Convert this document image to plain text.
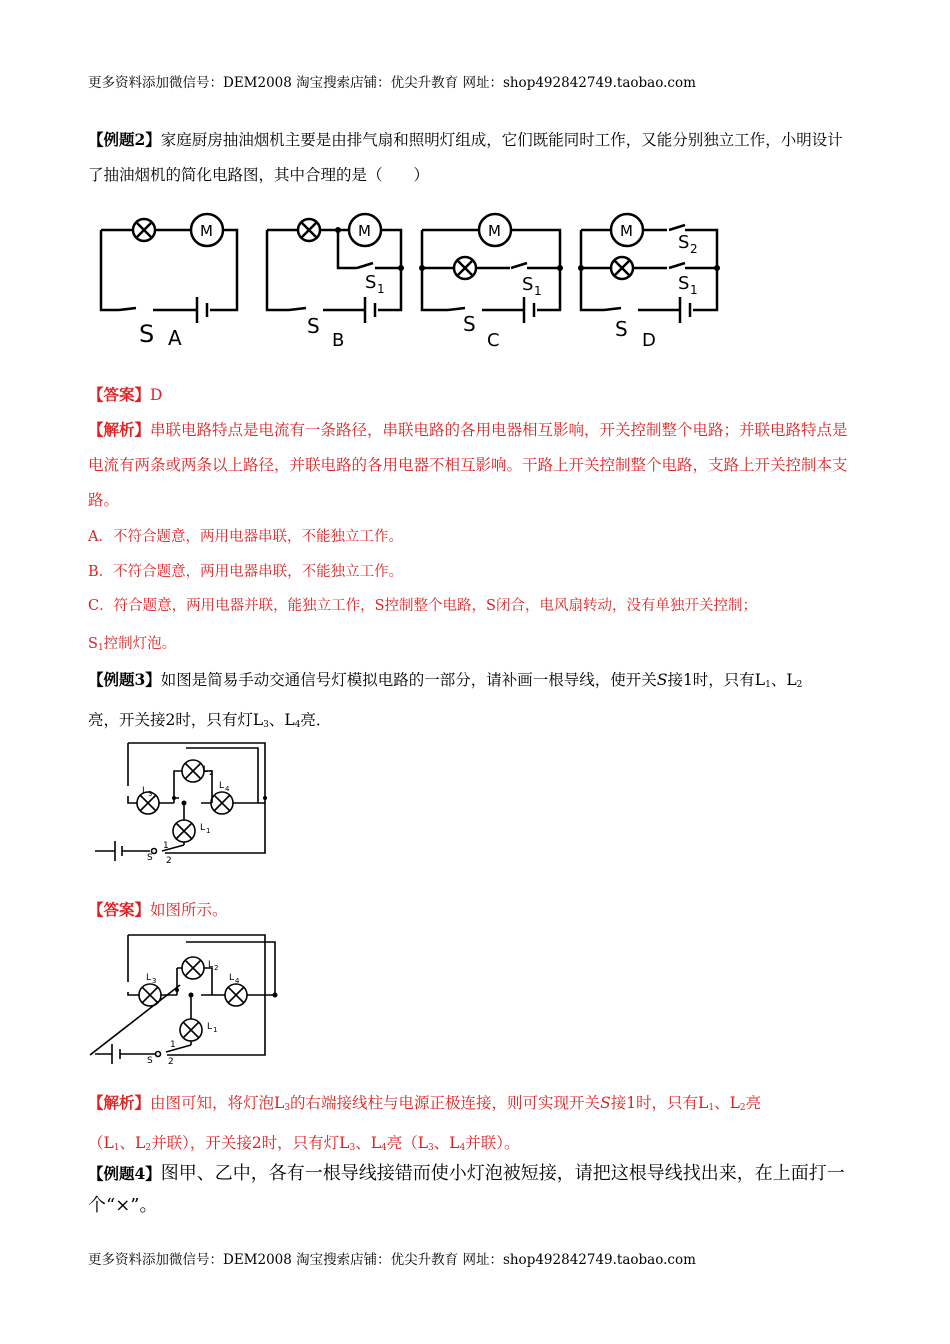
更多资料添加微信号：DEM2008 淘宝搜索店铺：优尖升教育 网址：shop492842749.taobao.com
【例题2】家庭厨房抽油烟机主要是由排气扇和照明灯组成，它们既能同时工作，又能分别独立工作，小明设计了抽油烟机的简化电路图，其中合理的是（　　）
M
S A
M
S 1
S
B
M
S 1
S
C
M
S 2
S 1
S D
【答案】D
【解析】串联电路特点是电流有一条路径，串联电路的各用电器相互影响，开关控制整个电路；并联电路特点是电流有两条或两条以上路径，并联电路的各用电器不相互影响。干路上开关控制整个电路，支路上开关控制本支路。
A．不符合题意，两用电器串联，不能独立工作。
B．不符合题意，两用电器串联，不能独立工作。
C．符合题意，两用电器并联，能独立工作，S控制整个电路，S闭合，电风扇转动，没有单独开关控制；
$S_1$控制灯泡。
【例题3】如图是简易手动交通信号灯模拟电路的一部分，请补画一根导线，使开关S接1时，只有$L_1$、$L_2$
亮，开关接2时，只有灯$L_3$、$L_4$亮．
L 3
L 2
L 4
L 1
1
S 2
【答案】如图所示。
L 3
L 2
L 4
L 1
1
S 2
【解析】由图可知，将灯泡$L_3$的右端接线柱与电源正极连接，则可实现开关S接1时，只有$L_1$、$L_2$亮
（$L_1$、$L_2$并联），开关接2时，只有灯$L_3$、$L_4$亮（$L_3$、$L_4$并联）。
【例题4】图甲、乙中，各有一根导线接错而使小灯泡被短接，请把这根导线找出来，在上面打一个“×”。
更多资料添加微信号：DEM2008 淘宝搜索店铺：优尖升教育 网址：shop492842749.taobao.com
